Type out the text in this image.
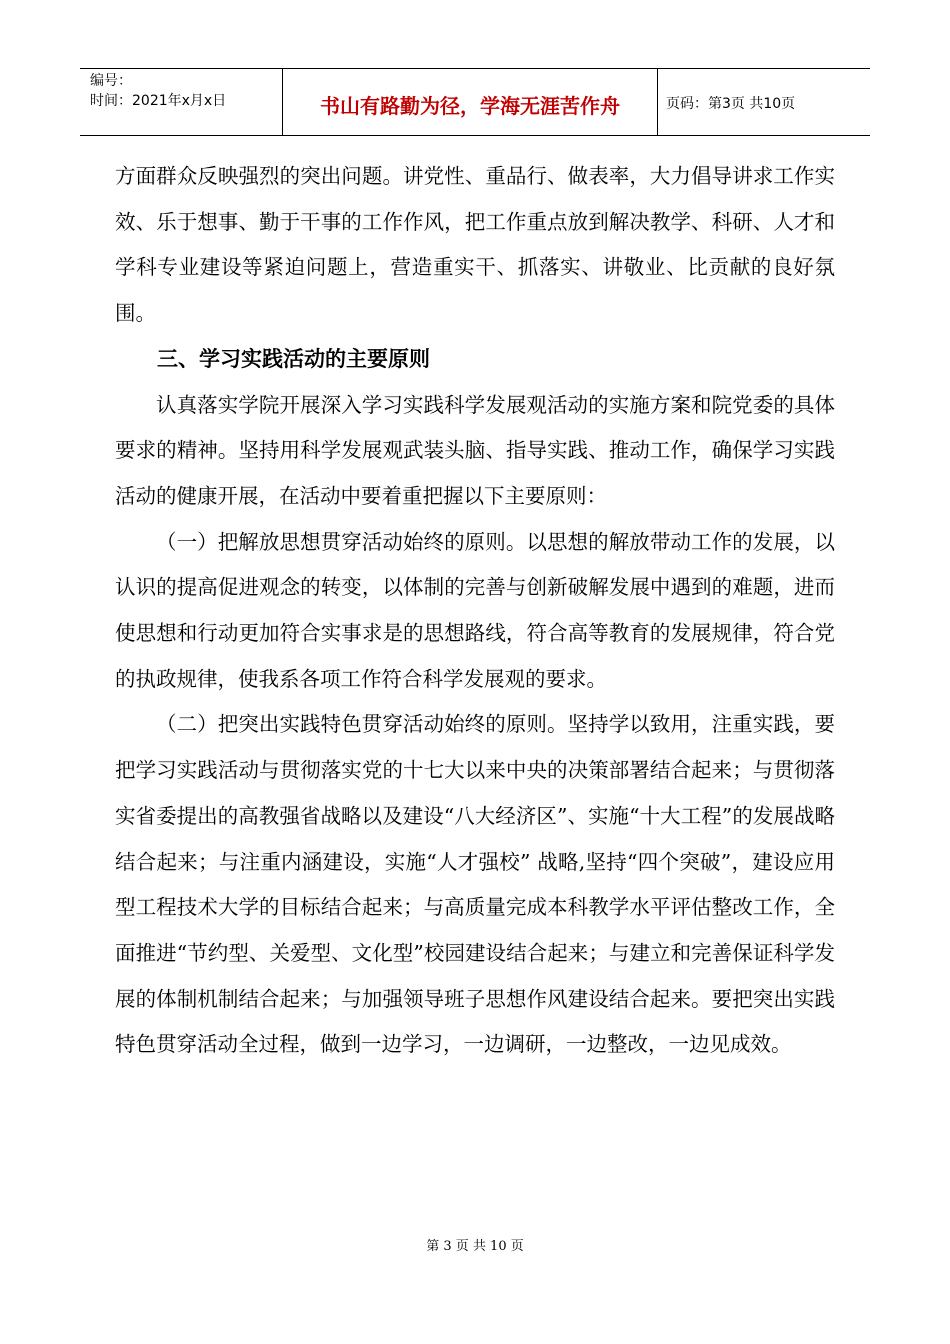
编号：
时间：2021年x月x日	书山有路勤为径，学海无涯苦作舟	页码：第3页 共10页

方面群众反映强烈的突出问题。讲党性、重品行、做表率，大力倡导讲求工作实效、乐于想事、勤于干事的工作作风，把工作重点放到解决教学、科研、人才和学科专业建设等紧迫问题上，营造重实干、抓落实、讲敬业、比贡献的良好氛围。

三、学习实践活动的主要原则

认真落实学院开展深入学习实践科学发展观活动的实施方案和院党委的具体要求的精神。坚持用科学发展观武装头脑、指导实践、推动工作，确保学习实践活动的健康开展，在活动中要着重把握以下主要原则：

（一）把解放思想贯穿活动始终的原则。以思想的解放带动工作的发展，以认识的提高促进观念的转变，以体制的完善与创新破解发展中遇到的难题，进而使思想和行动更加符合实事求是的思想路线，符合高等教育的发展规律，符合党的执政规律，使我系各项工作符合科学发展观的要求。

（二）把突出实践特色贯穿活动始终的原则。坚持学以致用，注重实践，要把学习实践活动与贯彻落实党的十七大以来中央的决策部署结合起来；与贯彻落实省委提出的高教强省战略以及建设“八大经济区”、实施“十大工程”的发展战略结合起来；与注重内涵建设，实施“人才强校” 战略,坚持“四个突破”，建设应用型工程技术大学的目标结合起来；与高质量完成本科教学水平评估整改工作，全面推进“节约型、关爱型、文化型”校园建设结合起来；与建立和完善保证科学发展的体制机制结合起来；与加强领导班子思想作风建设结合起来。要把突出实践特色贯穿活动全过程，做到一边学习，一边调研，一边整改，一边见成效。

第 3 页 共 10 页
